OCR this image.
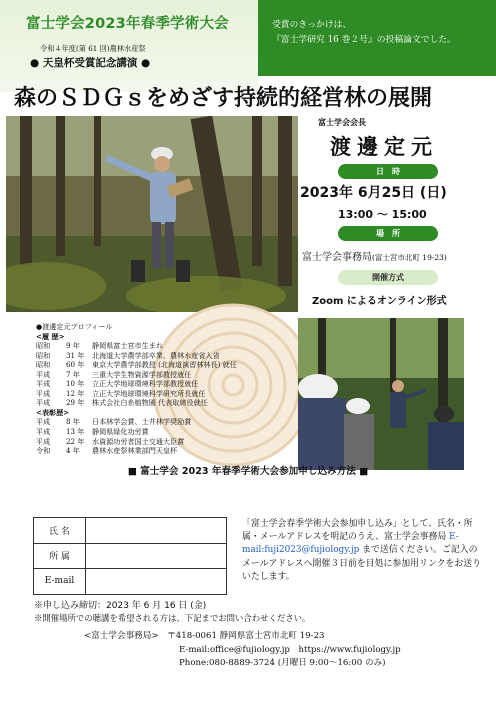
富士学会2023年春季学術大会
令和４年度(第 61 回)農林水産祭
● 天皇杯受賞記念講演 ●
受賞のきっかけは、
『富士学研究 16 巻２号』の投稿論文でした。
森のＳＤＧｓをめざす持続的経営林の展開
富士学会会長
渡邊定元
日　時
2023年 6月25日 (日)
13:00 ～ 15:00
場　所
富士学会事務局(富士宮市北町 19-23)
開催方式
Zoom によるオンライン形式
●渡邊定元プロフィール
<履 歴>
昭和	9 年	静岡県富士宮市生まれ
昭和	31 年	北海道大学農学部卒業、農林水産省入省
昭和	60 年	東京大学農学部教授 (北海道演習林林長) 就任
平成	7 年	三重大学生物資源学部教授就任
平成	10 年	立正大学地球環境科学部教授就任
平成	12 年	立正大学地球環境科学研究所長就任
平成	29 年	株式会社白糸植物園 代表取締役就任
<表彰歴>
平成	8 年	日本林学会賞、土井林学奨励賞
平成	13 年	静岡県緑化功労賞
平成	22 年	水資源功労者国土交通大臣賞
令和	4 年	農林水産祭林業部門天皇杯
■ 富士学会 2023 年春季学術大会参加申し込み方法 ■
氏 名	
所 属	
E-mail	
「富士学会春季学術大会参加申し込み」として、氏名・所属・メールアドレスを明記のうえ、富士学会事務局 E-mail:fuji2023@fujiology.jp まで送信ください。ご記入のメールアドレスへ開催３日前を目処に参加用リンクをお送りいたします。
※申し込み締切：2023 年 6 月 16 日 (金)
※開催場所での聴講を希望される方は、下記までお問い合わせください。
<富士学会事務局>　 〒418-0061 静岡県富士宮市北町 19-23
E-mail:office@fujiology.jp　https://www.fujiology.jp
Phone:080-8889-3724 (月曜日 9:00～16:00 のみ)
